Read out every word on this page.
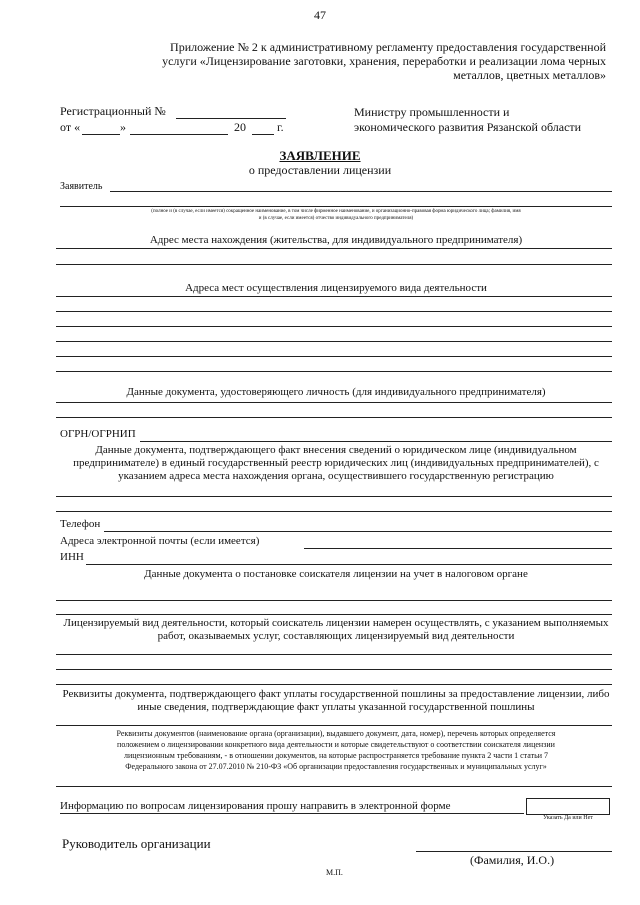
47
Приложение № 2 к административному регламенту предоставления государственной
услуги «Лицензирование заготовки, хранения, переработки и реализации лома черных
металлов, цветных металлов»
Регистрационный №
от «	»	20	г.
Министру промышленности и
экономического развития Рязанской области
ЗАЯВЛЕНИЕ
о предоставлении лицензии
Заявитель
(полное и (в случае, если имеется) сокращенное наименование, в том числе фирменное наименование, и организационно-правовая форма юридического лица; фамилия, имя
и (в случае, если имеется) отчество индивидуального предпринимателя)
Адрес места нахождения (жительства, для индивидуального предпринимателя)
Адреса мест осуществления лицензируемого вида деятельности
Данные документа, удостоверяющего личность (для индивидуального предпринимателя)
ОГРН/ОГРНИП
Данные документа, подтверждающего факт внесения сведений о юридическом лице (индивидуальном
предпринимателе) в единый государственный реестр юридических лиц (индивидуальных предпринимателей), с
указанием адреса места нахождения органа, осуществившего государственную регистрацию
Телефон
Адреса электронной почты (если имеется)
ИНН
Данные документа о постановке соискателя лицензии на учет в налоговом органе
Лицензируемый вид деятельности, который соискатель лицензии намерен осуществлять, с указанием выполняемых
работ, оказываемых услуг, составляющих лицензируемый вид деятельности
Реквизиты документа, подтверждающего факт уплаты государственной пошлины за предоставление лицензии, либо
иные сведения, подтверждающие факт уплаты указанной государственной пошлины
Реквизиты документов (наименование органа (организации), выдавшего документ, дата, номер), перечень которых определяется
положением о лицензировании конкретного вида деятельности и которые свидетельствуют о соответствии соискателя лицензии
лицензионным требованиям, - в отношении документов, на которые распространяется требование пункта 2 части 1 статьи 7
Федерального закона от 27.07.2010 № 210-ФЗ «Об организации предоставления государственных и муниципальных услуг»
Информацию по вопросам лицензирования прошу направить в электронной форме
Указать Да или Нет
Руководитель организации
(Фамилия, И.О.)
М.П.
